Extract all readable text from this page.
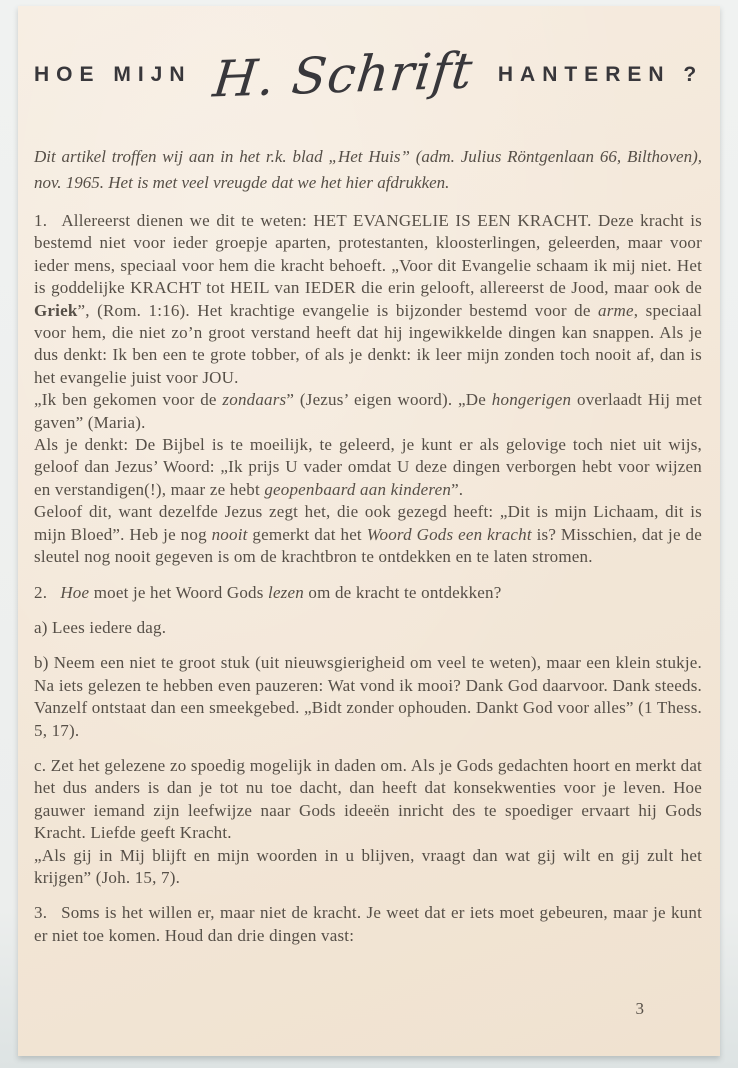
HOE MIJN H. Schrift HANTEREN ?
Dit artikel troffen wij aan in het r.k. blad „Het Huis” (adm. Julius Röntgenlaan 66, Bilthoven), nov. 1965. Het is met veel vreugde dat we het hier afdrukken.

1.  Allereerst dienen we dit te weten: HET EVANGELIE IS EEN KRACHT. Deze kracht is bestemd niet voor ieder groepje aparten, protestanten, kloosterlingen, geleerden, maar voor ieder mens, speciaal voor hem die kracht behoeft. „Voor dit Evangelie schaam ik mij niet. Het is goddelijke KRACHT tot HEIL van IEDER die erin gelooft, allereerst de Jood, maar ook de Griek”, (Rom. 1:16). Het krachtige evangelie is bijzonder bestemd voor de arme, speciaal voor hem, die niet zo’n groot verstand heeft dat hij ingewikkelde dingen kan snappen. Als je dus denkt: Ik ben een te grote tobber, of als je denkt: ik leer mijn zonden toch nooit af, dan is het evangelie juist voor JOU.

„Ik ben gekomen voor de zondaars” (Jezus’ eigen woord). „De hongerigen overlaadt Hij met gaven” (Maria).

Als je denkt: De Bijbel is te moeilijk, te geleerd, je kunt er als gelovige toch niet uit wijs, geloof dan Jezus’ Woord: „Ik prijs U vader omdat U deze dingen verborgen hebt voor wijzen en verstandigen(!), maar ze hebt geopenbaard aan kinderen”.

Geloof dit, want dezelfde Jezus zegt het, die ook gezegd heeft: „Dit is mijn Lichaam, dit is mijn Bloed”. Heb je nog nooit gemerkt dat het Woord Gods een kracht is? Misschien, dat je de sleutel nog nooit gegeven is om de krachtbron te ontdekken en te laten stromen.

2.  Hoe moet je het Woord Gods lezen om de kracht te ontdekken?

a) Lees iedere dag.

b) Neem een niet te groot stuk (uit nieuwsgierigheid om veel te weten), maar een klein stukje. Na iets gelezen te hebben even pauzeren: Wat vond ik mooi? Dank God daarvoor. Dank steeds. Vanzelf ontstaat dan een smeekgebed. „Bidt zonder ophouden. Dankt God voor alles” (1 Thess. 5, 17).

c. Zet het gelezene zo spoedig mogelijk in daden om. Als je Gods gedachten hoort en merkt dat het dus anders is dan je tot nu toe dacht, dan heeft dat konsekwenties voor je leven. Hoe gauwer iemand zijn leefwijze naar Gods ideeën inricht des te spoediger ervaart hij Gods Kracht. Liefde geeft Kracht.

„Als gij in Mij blijft en mijn woorden in u blijven, vraagt dan wat gij wilt en gij zult het krijgen” (Joh. 15, 7).

3.  Soms is het willen er, maar niet de kracht. Je weet dat er iets moet gebeuren, maar je kunt er niet toe komen. Houd dan drie dingen vast:

3
